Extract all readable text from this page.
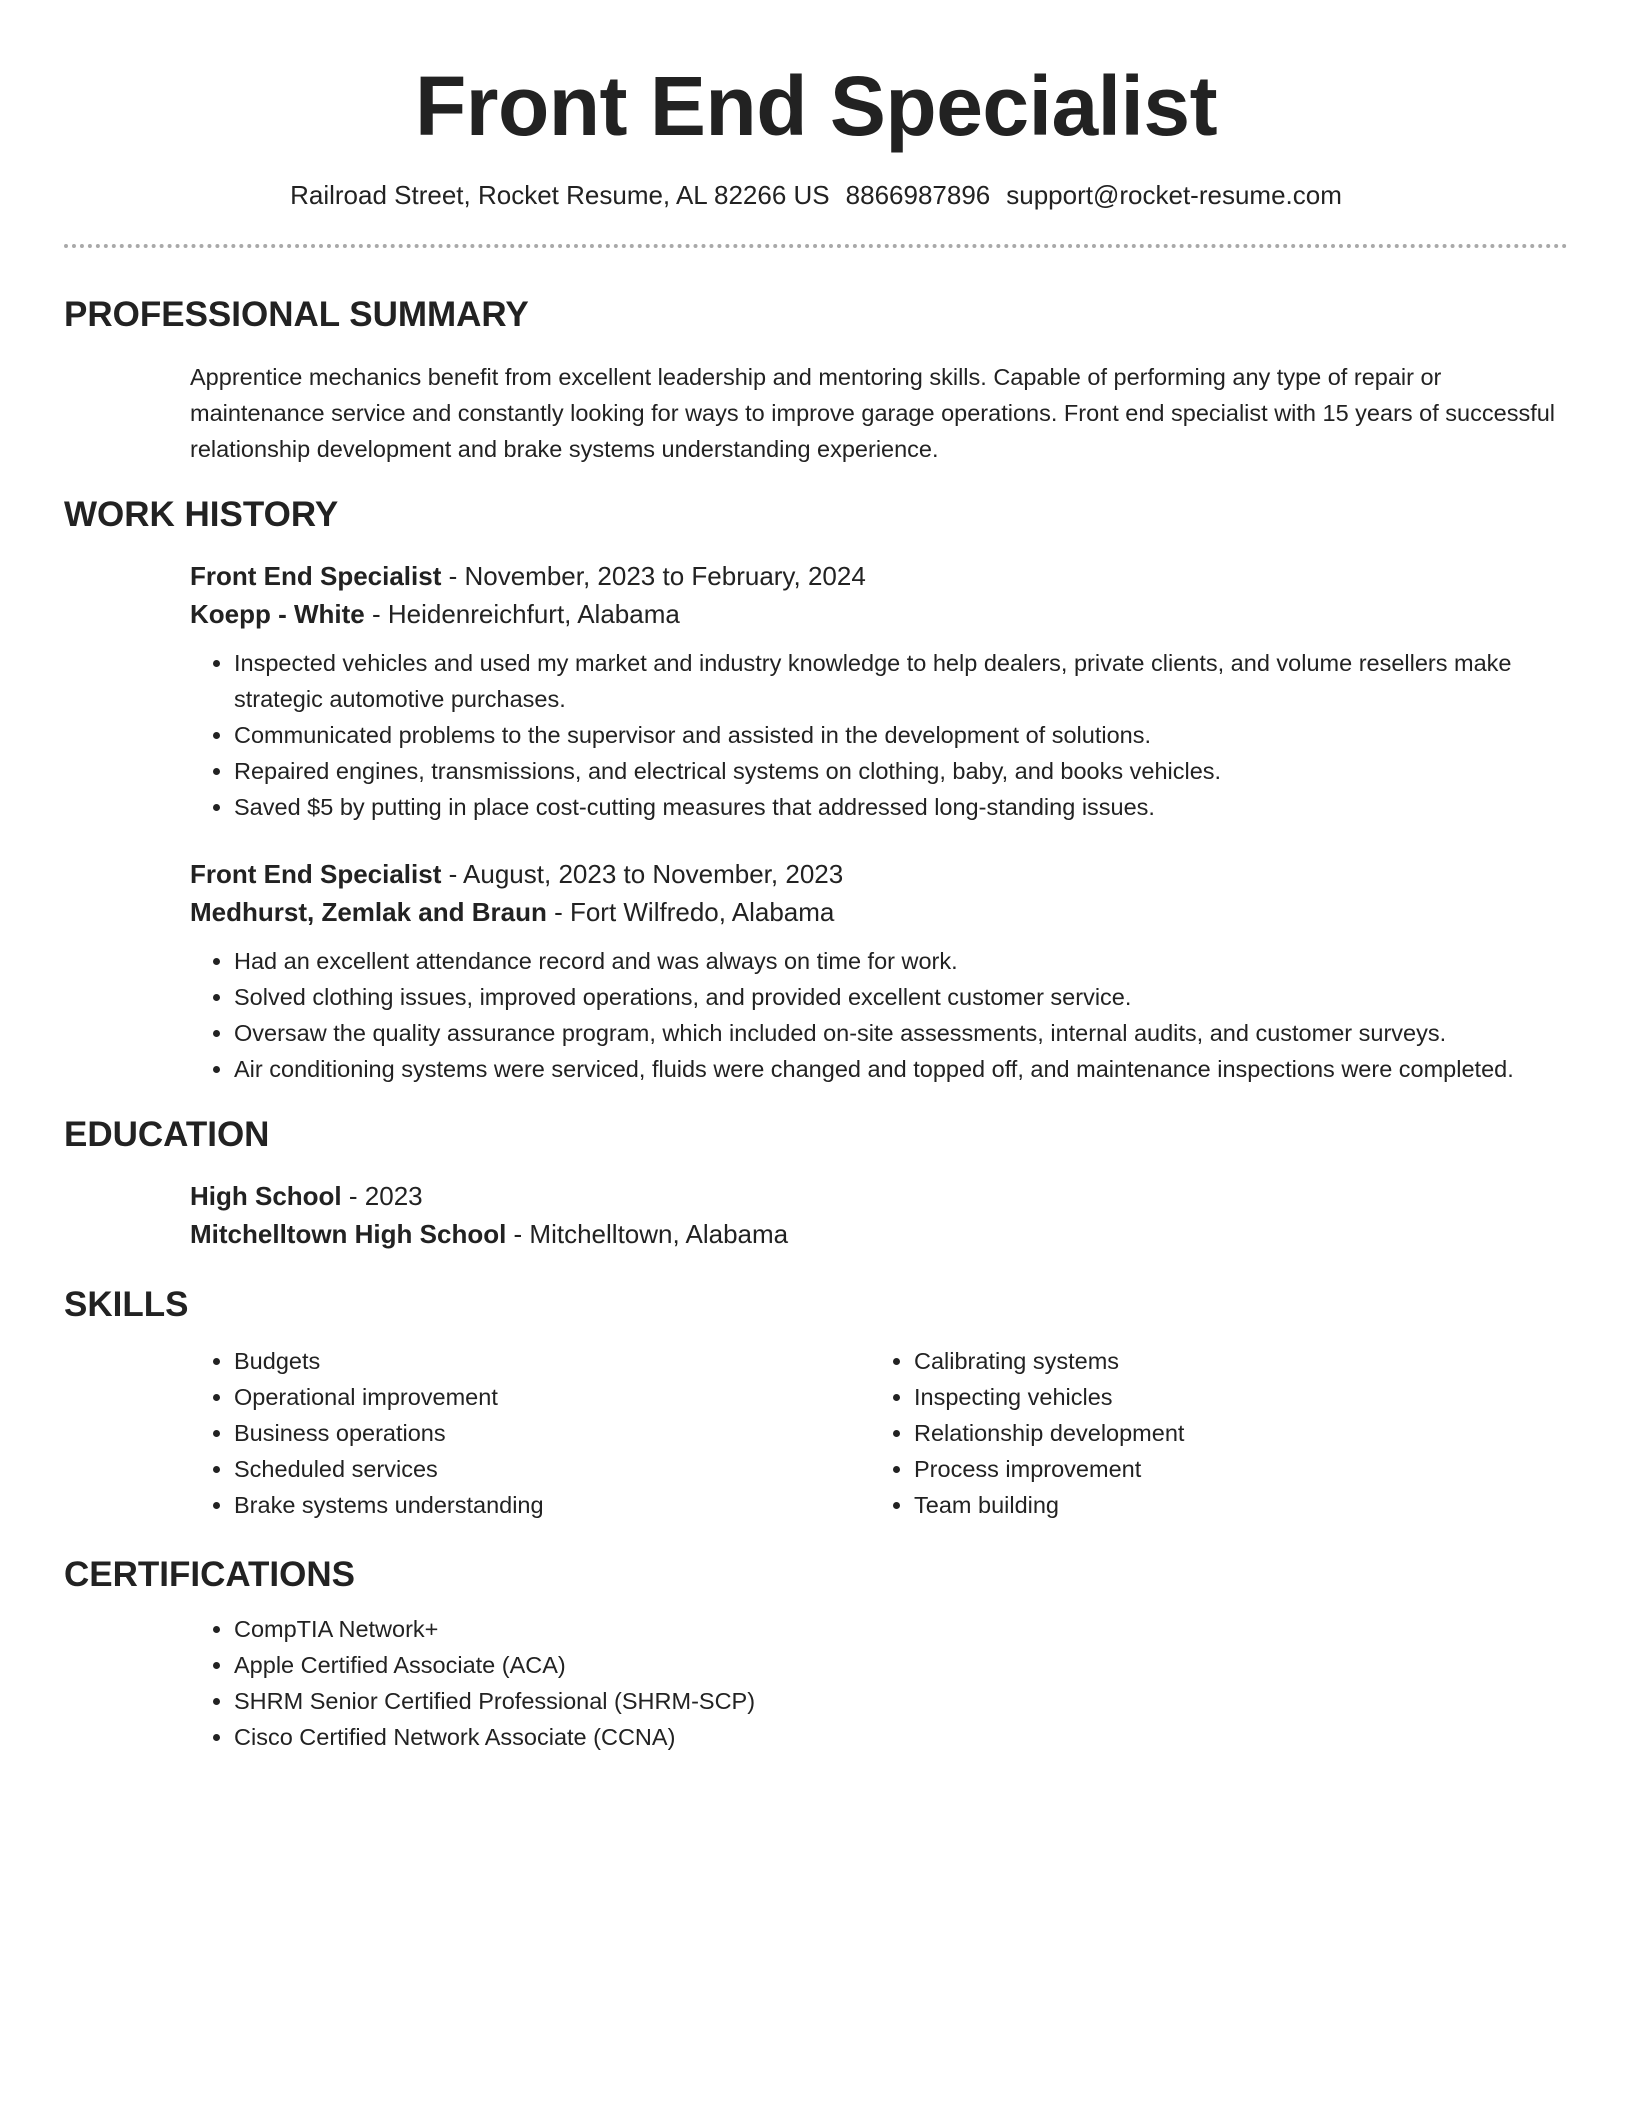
Front End Specialist
Railroad Street, Rocket Resume, AL 82266 US 8866987896 support@rocket-resume.com
PROFESSIONAL SUMMARY

Apprentice mechanics benefit from excellent leadership and mentoring skills. Capable of performing any type of repair or maintenance service and constantly looking for ways to improve garage operations. Front end specialist with 15 years of successful relationship development and brake systems understanding experience.

WORK HISTORY
Front End Specialist - November, 2023 to February, 2024
Koepp - White - Heidenreichfurt, Alabama
• Inspected vehicles and used my market and industry knowledge to help dealers, private clients, and volume resellers make strategic automotive purchases.
• Communicated problems to the supervisor and assisted in the development of solutions.
• Repaired engines, transmissions, and electrical systems on clothing, baby, and books vehicles.
• Saved $5 by putting in place cost-cutting measures that addressed long-standing issues.
Front End Specialist - August, 2023 to November, 2023
Medhurst, Zemlak and Braun - Fort Wilfredo, Alabama
• Had an excellent attendance record and was always on time for work.
• Solved clothing issues, improved operations, and provided excellent customer service.
• Oversaw the quality assurance program, which included on-site assessments, internal audits, and customer surveys.
• Air conditioning systems were serviced, fluids were changed and topped off, and maintenance inspections were completed.
EDUCATION
High School - 2023
Mitchelltown High School - Mitchelltown, Alabama
SKILLS
• Budgets
• Operational improvement
• Business operations
• Scheduled services
• Brake systems understanding
• Calibrating systems
• Inspecting vehicles
• Relationship development
• Process improvement
• Team building
CERTIFICATIONS
• CompTIA Network+
• Apple Certified Associate (ACA)
• SHRM Senior Certified Professional (SHRM-SCP)
• Cisco Certified Network Associate (CCNA)
